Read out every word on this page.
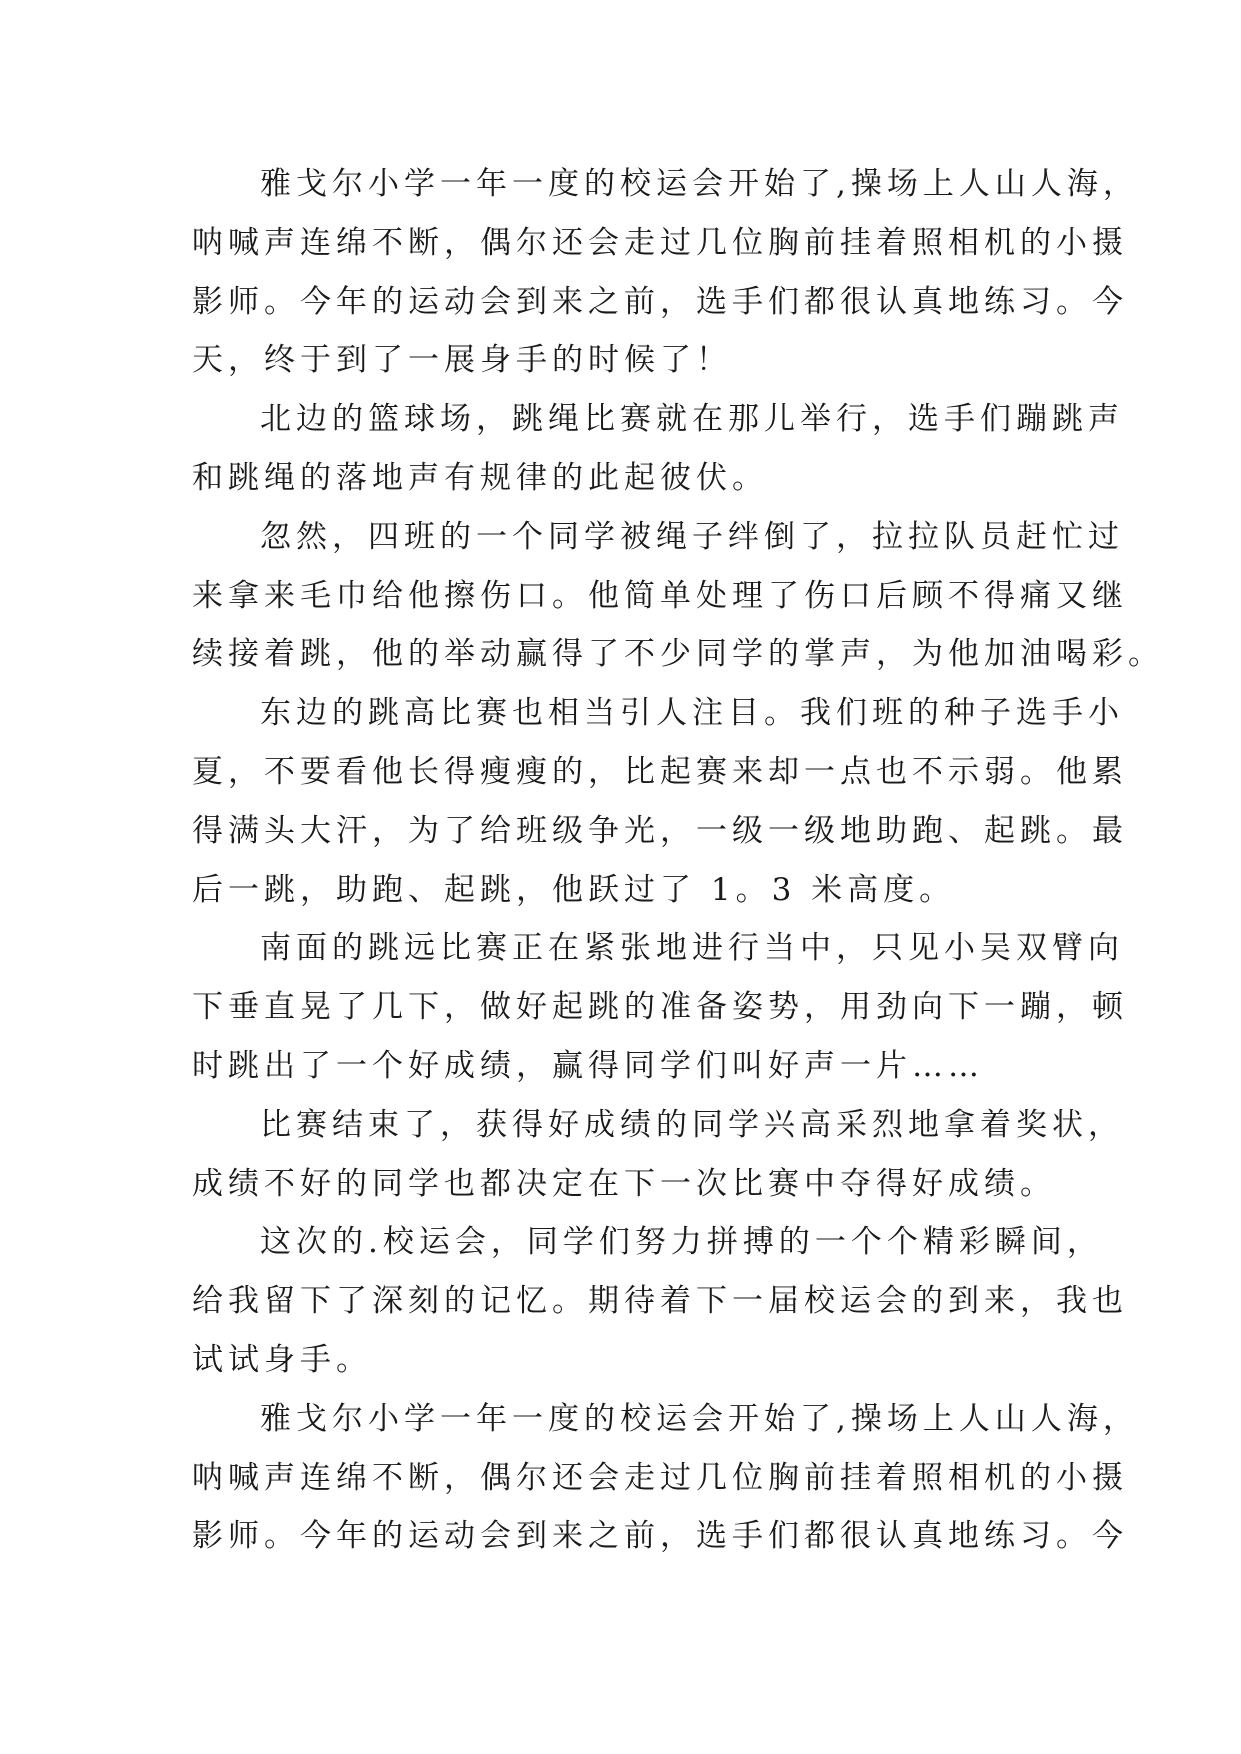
雅戈尔小学一年一度的校运会开始了,操场上人山人海，
呐喊声连绵不断，偶尔还会走过几位胸前挂着照相机的小摄
影师。今年的运动会到来之前，选手们都很认真地练习。今
天，终于到了一展身手的时候了！
北边的篮球场，跳绳比赛就在那儿举行，选手们蹦跳声
和跳绳的落地声有规律的此起彼伏。
忽然，四班的一个同学被绳子绊倒了，拉拉队员赶忙过
来拿来毛巾给他擦伤口。他简单处理了伤口后顾不得痛又继
续接着跳，他的举动赢得了不少同学的掌声，为他加油喝彩。
东边的跳高比赛也相当引人注目。我们班的种子选手小
夏，不要看他长得瘦瘦的，比起赛来却一点也不示弱。他累
得满头大汗，为了给班级争光，一级一级地助跑、起跳。最
后一跳，助跑、起跳，他跃过了 1。3 米高度。
南面的跳远比赛正在紧张地进行当中，只见小吴双臂向
下垂直晃了几下，做好起跳的准备姿势，用劲向下一蹦，顿
时跳出了一个好成绩，赢得同学们叫好声一片……
比赛结束了，获得好成绩的同学兴高采烈地拿着奖状，
成绩不好的同学也都决定在下一次比赛中夺得好成绩。
这次的.校运会，同学们努力拼搏的一个个精彩瞬间，
给我留下了深刻的记忆。期待着下一届校运会的到来，我也
试试身手。
雅戈尔小学一年一度的校运会开始了,操场上人山人海，
呐喊声连绵不断，偶尔还会走过几位胸前挂着照相机的小摄
影师。今年的运动会到来之前，选手们都很认真地练习。今
